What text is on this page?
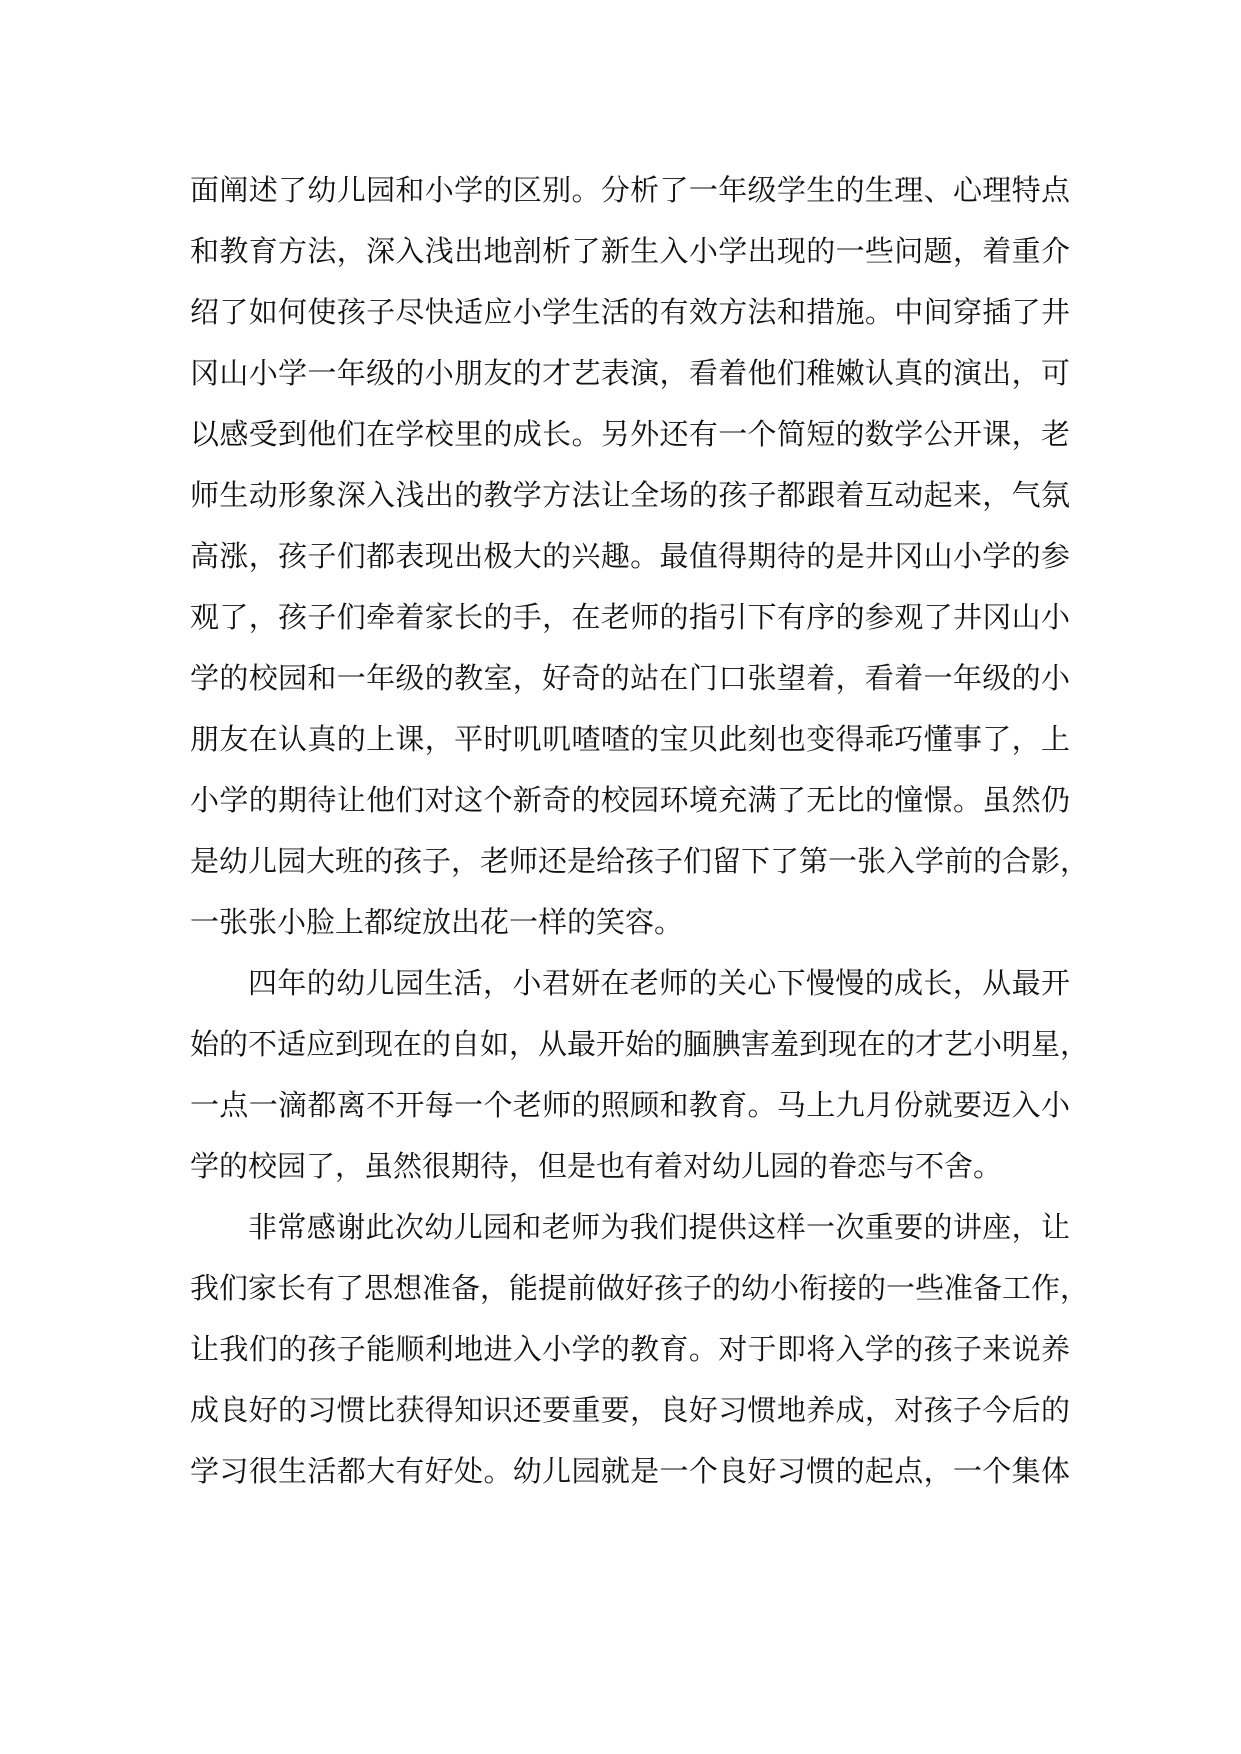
面阐述了幼儿园和小学的区别。分析了一年级学生的生理、心理特点
和教育方法，深入浅出地剖析了新生入小学出现的一些问题，着重介
绍了如何使孩子尽快适应小学生活的有效方法和措施。中间穿插了井
冈山小学一年级的小朋友的才艺表演，看着他们稚嫩认真的演出，可
以感受到他们在学校里的成长。另外还有一个简短的数学公开课，老
师生动形象深入浅出的教学方法让全场的孩子都跟着互动起来，气氛
高涨，孩子们都表现出极大的兴趣。最值得期待的是井冈山小学的参
观了，孩子们牵着家长的手，在老师的指引下有序的参观了井冈山小
学的校园和一年级的教室，好奇的站在门口张望着，看着一年级的小
朋友在认真的上课，平时叽叽喳喳的宝贝此刻也变得乖巧懂事了，上
小学的期待让他们对这个新奇的校园环境充满了无比的憧憬。虽然仍
是幼儿园大班的孩子，老师还是给孩子们留下了第一张入学前的合影，
一张张小脸上都绽放出花一样的笑容。
四年的幼儿园生活，小君妍在老师的关心下慢慢的成长，从最开
始的不适应到现在的自如，从最开始的腼腆害羞到现在的才艺小明星，
一点一滴都离不开每一个老师的照顾和教育。马上九月份就要迈入小
学的校园了，虽然很期待，但是也有着对幼儿园的眷恋与不舍。
非常感谢此次幼儿园和老师为我们提供这样一次重要的讲座，让
我们家长有了思想准备，能提前做好孩子的幼小衔接的一些准备工作，
让我们的孩子能顺利地进入小学的教育。对于即将入学的孩子来说养
成良好的习惯比获得知识还要重要，良好习惯地养成，对孩子今后的
学习很生活都大有好处。幼儿园就是一个良好习惯的起点，一个集体
